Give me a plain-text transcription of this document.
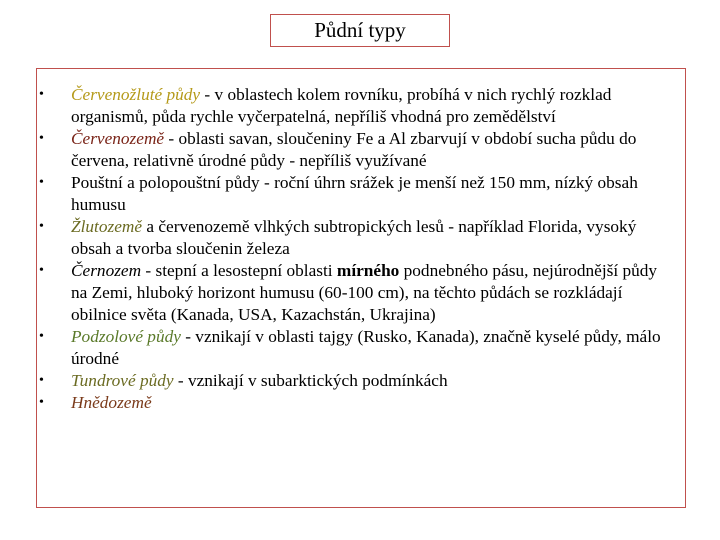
Půdní typy
• Červenožluté půdy - v oblastech kolem rovníku, probíhá v nich rychlý rozklad organismů, půda rychle vyčerpatelná, nepříliš vhodná pro zemědělství
• Červenozemě - oblasti savan, sloučeniny Fe a Al zbarvují v období sucha půdu do červena, relativně úrodné půdy - nepříliš využívané
• Pouštní a polopouštní půdy - roční úhrn srážek je menší než 150 mm, nízký obsah humusu
• Žlutozemě a červenozemě vlhkých subtropických lesů - například Florida, vysoký obsah a tvorba sloučenin železa
• Černozem - stepní a lesostepní oblasti mírného podnebného pásu, nejúrodnější půdy na Zemi, hluboký horizont humusu (60-100 cm), na těchto půdách se rozkládají obilnice světa (Kanada, USA, Kazachstán, Ukrajina)
• Podzolové půdy - vznikají v oblasti tajgy (Rusko, Kanada), značně kyselé půdy, málo úrodné
• Tundrové půdy - vznikají v subarktických podmínkách
• Hnědozemě
